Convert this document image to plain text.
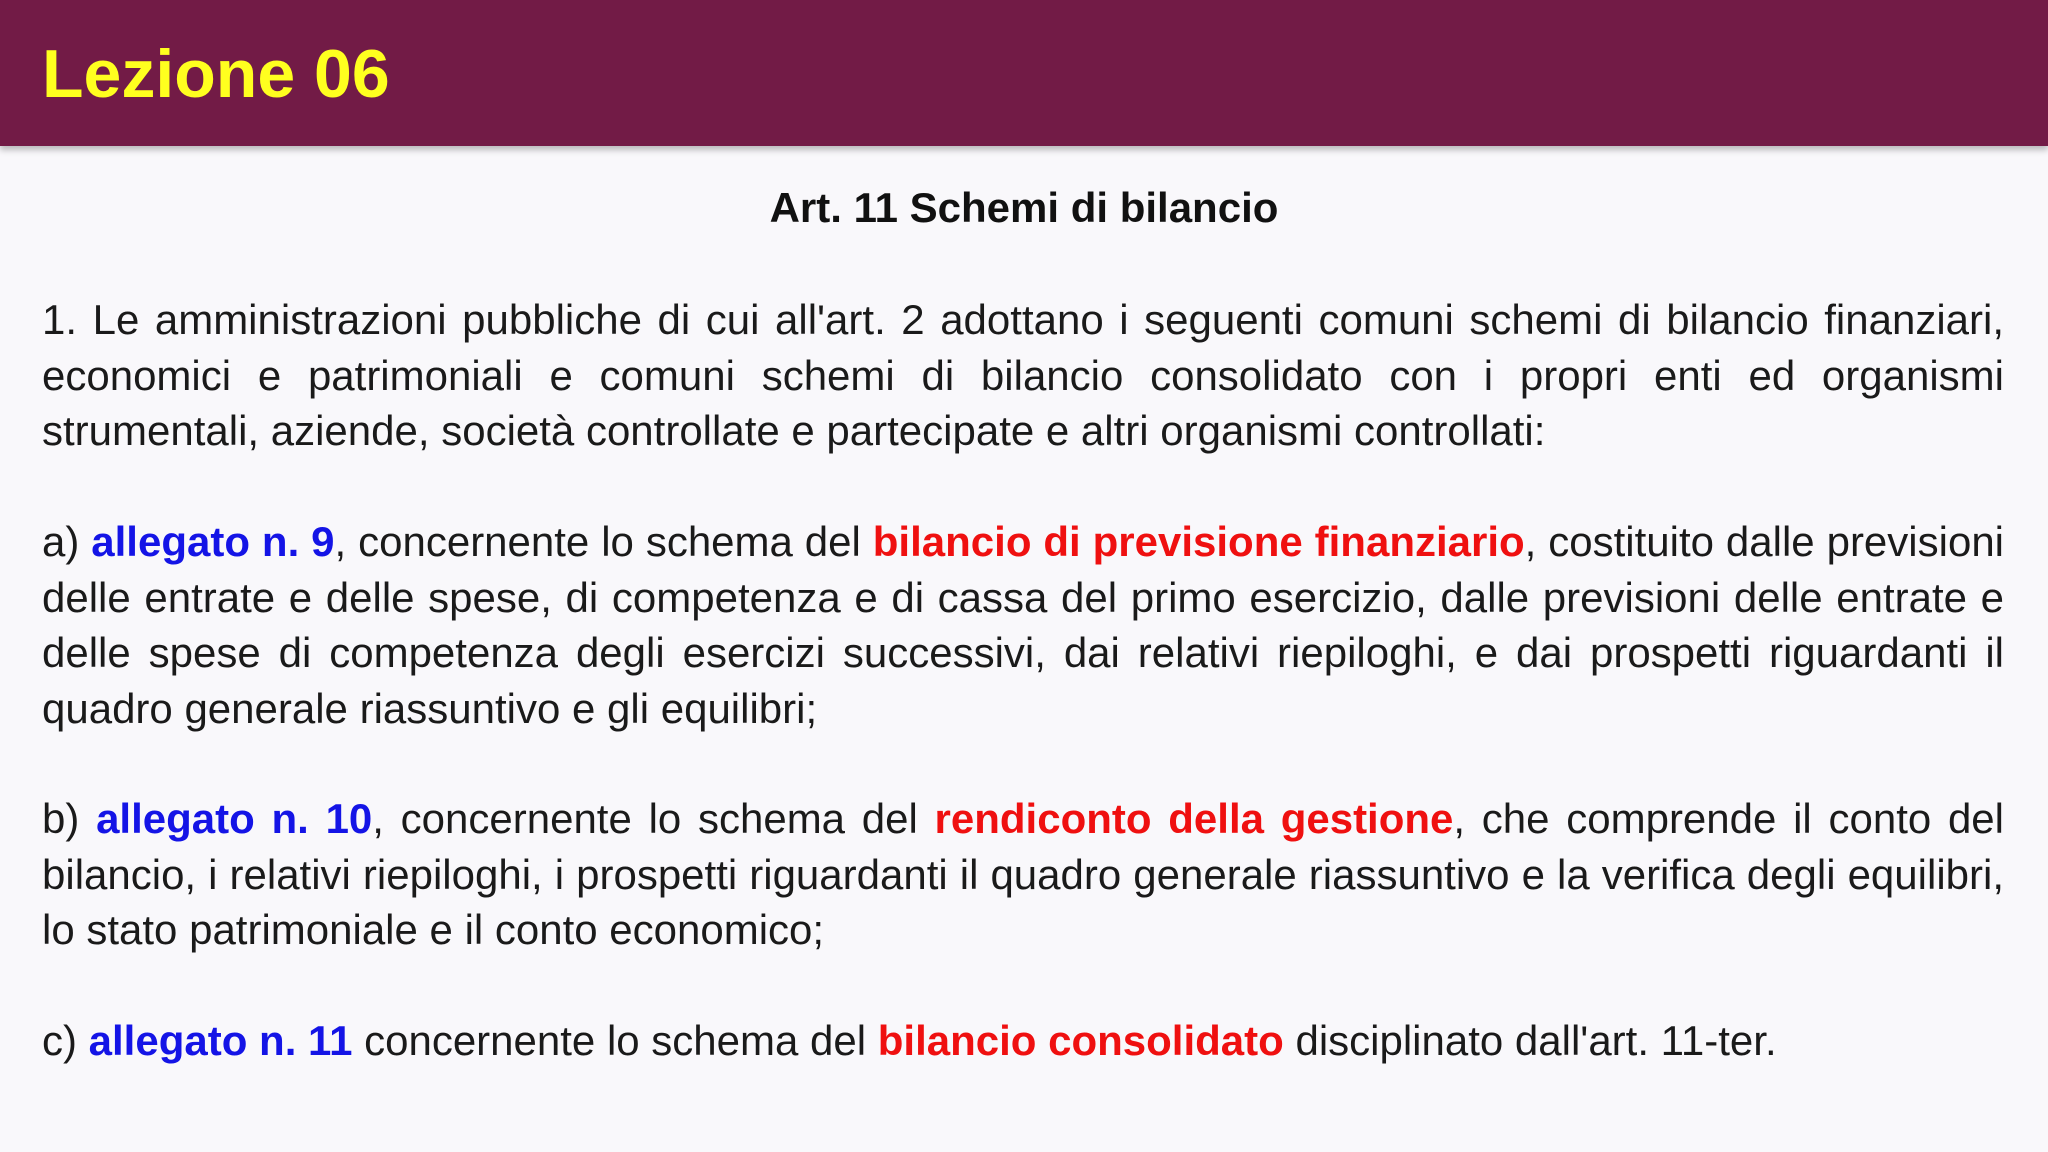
Lezione 06
Art. 11 Schemi di bilancio
1. Le amministrazioni pubbliche di cui all'art. 2 adottano i seguenti comuni schemi di bilancio finanziari, economici e patrimoniali e comuni schemi di bilancio consolidato con i propri enti ed organismi strumentali, aziende, società controllate e partecipate e altri organismi controllati:
a) allegato n. 9, concernente lo schema del bilancio di previsione finanziario, costituito dalle previsioni delle entrate e delle spese, di competenza e di cassa del primo esercizio, dalle previsioni delle entrate e delle spese di competenza degli esercizi successivi, dai relativi riepiloghi, e dai prospetti riguardanti il quadro generale riassuntivo e gli equilibri;
b) allegato n. 10, concernente lo schema del rendiconto della gestione, che comprende il conto del bilancio, i relativi riepiloghi, i prospetti riguardanti il quadro generale riassuntivo e la verifica degli equilibri, lo stato patrimoniale e il conto economico;
c) allegato n. 11 concernente lo schema del bilancio consolidato disciplinato dall'art. 11-ter.
